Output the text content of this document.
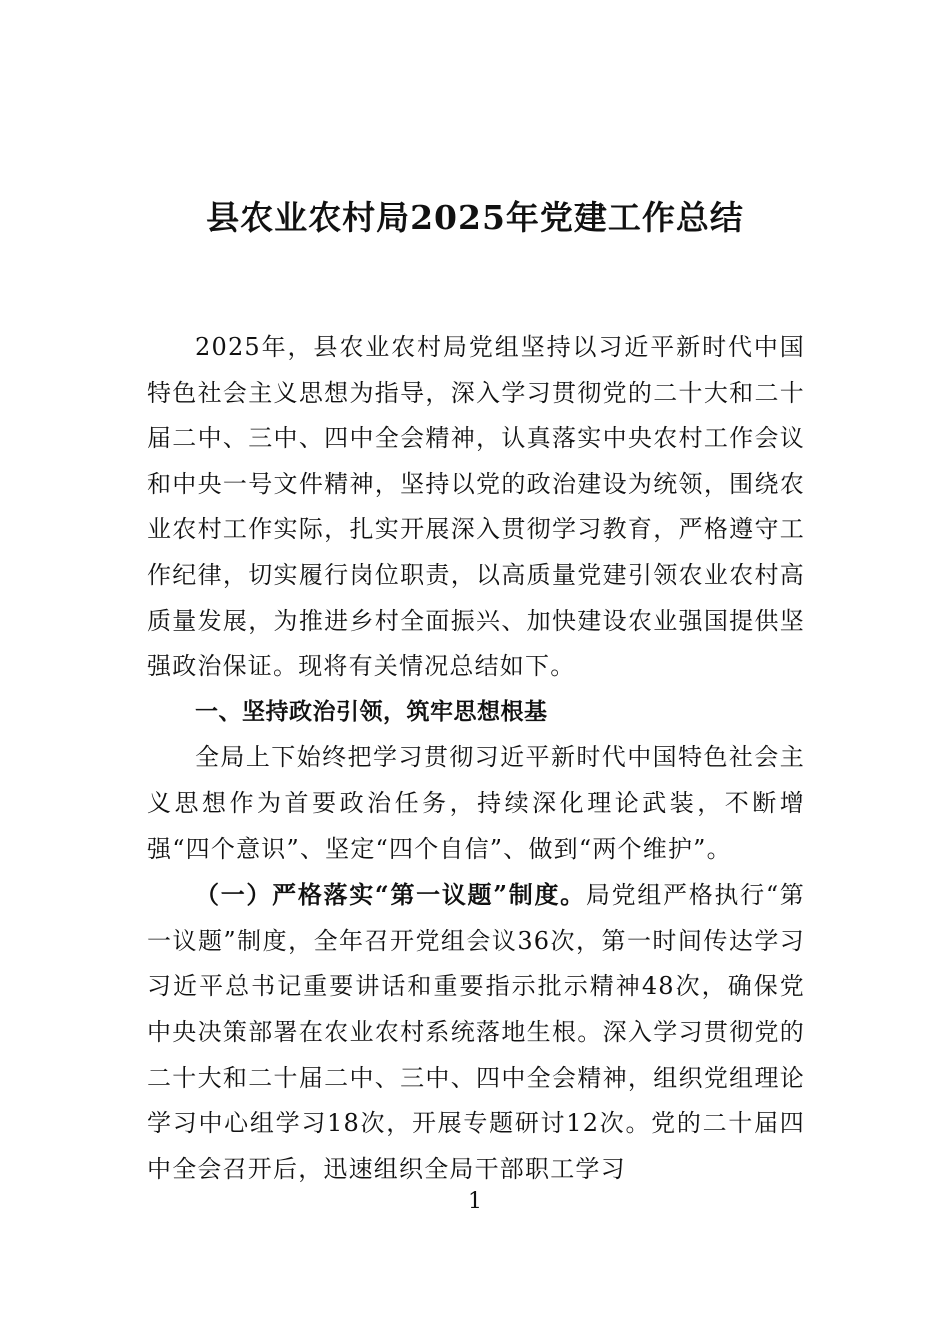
县农业农村局2025年党建工作总结

2025年，县农业农村局党组坚持以习近平新时代中国特色社会主义思想为指导，深入学习贯彻党的二十大和二十届二中、三中、四中全会精神，认真落实中央农村工作会议和中央一号文件精神，坚持以党的政治建设为统领，围绕农业农村工作实际，扎实开展深入贯彻学习教育，严格遵守工作纪律，切实履行岗位职责，以高质量党建引领农业农村高质量发展，为推进乡村全面振兴、加快建设农业强国提供坚强政治保证。现将有关情况总结如下。

一、坚持政治引领，筑牢思想根基

全局上下始终把学习贯彻习近平新时代中国特色社会主义思想作为首要政治任务，持续深化理论武装，不断增强“四个意识”、坚定“四个自信”、做到“两个维护”。

（一）严格落实“第一议题”制度。局党组严格执行“第一议题”制度，全年召开党组会议36次，第一时间传达学习习近平总书记重要讲话和重要指示批示精神48次，确保党中央决策部署在农业农村系统落地生根。深入学习贯彻党的二十大和二十届二中、三中、四中全会精神，组织党组理论学习中心组学习18次，开展专题研讨12次。党的二十届四中全会召开后，迅速组织全局干部职工学习

1
